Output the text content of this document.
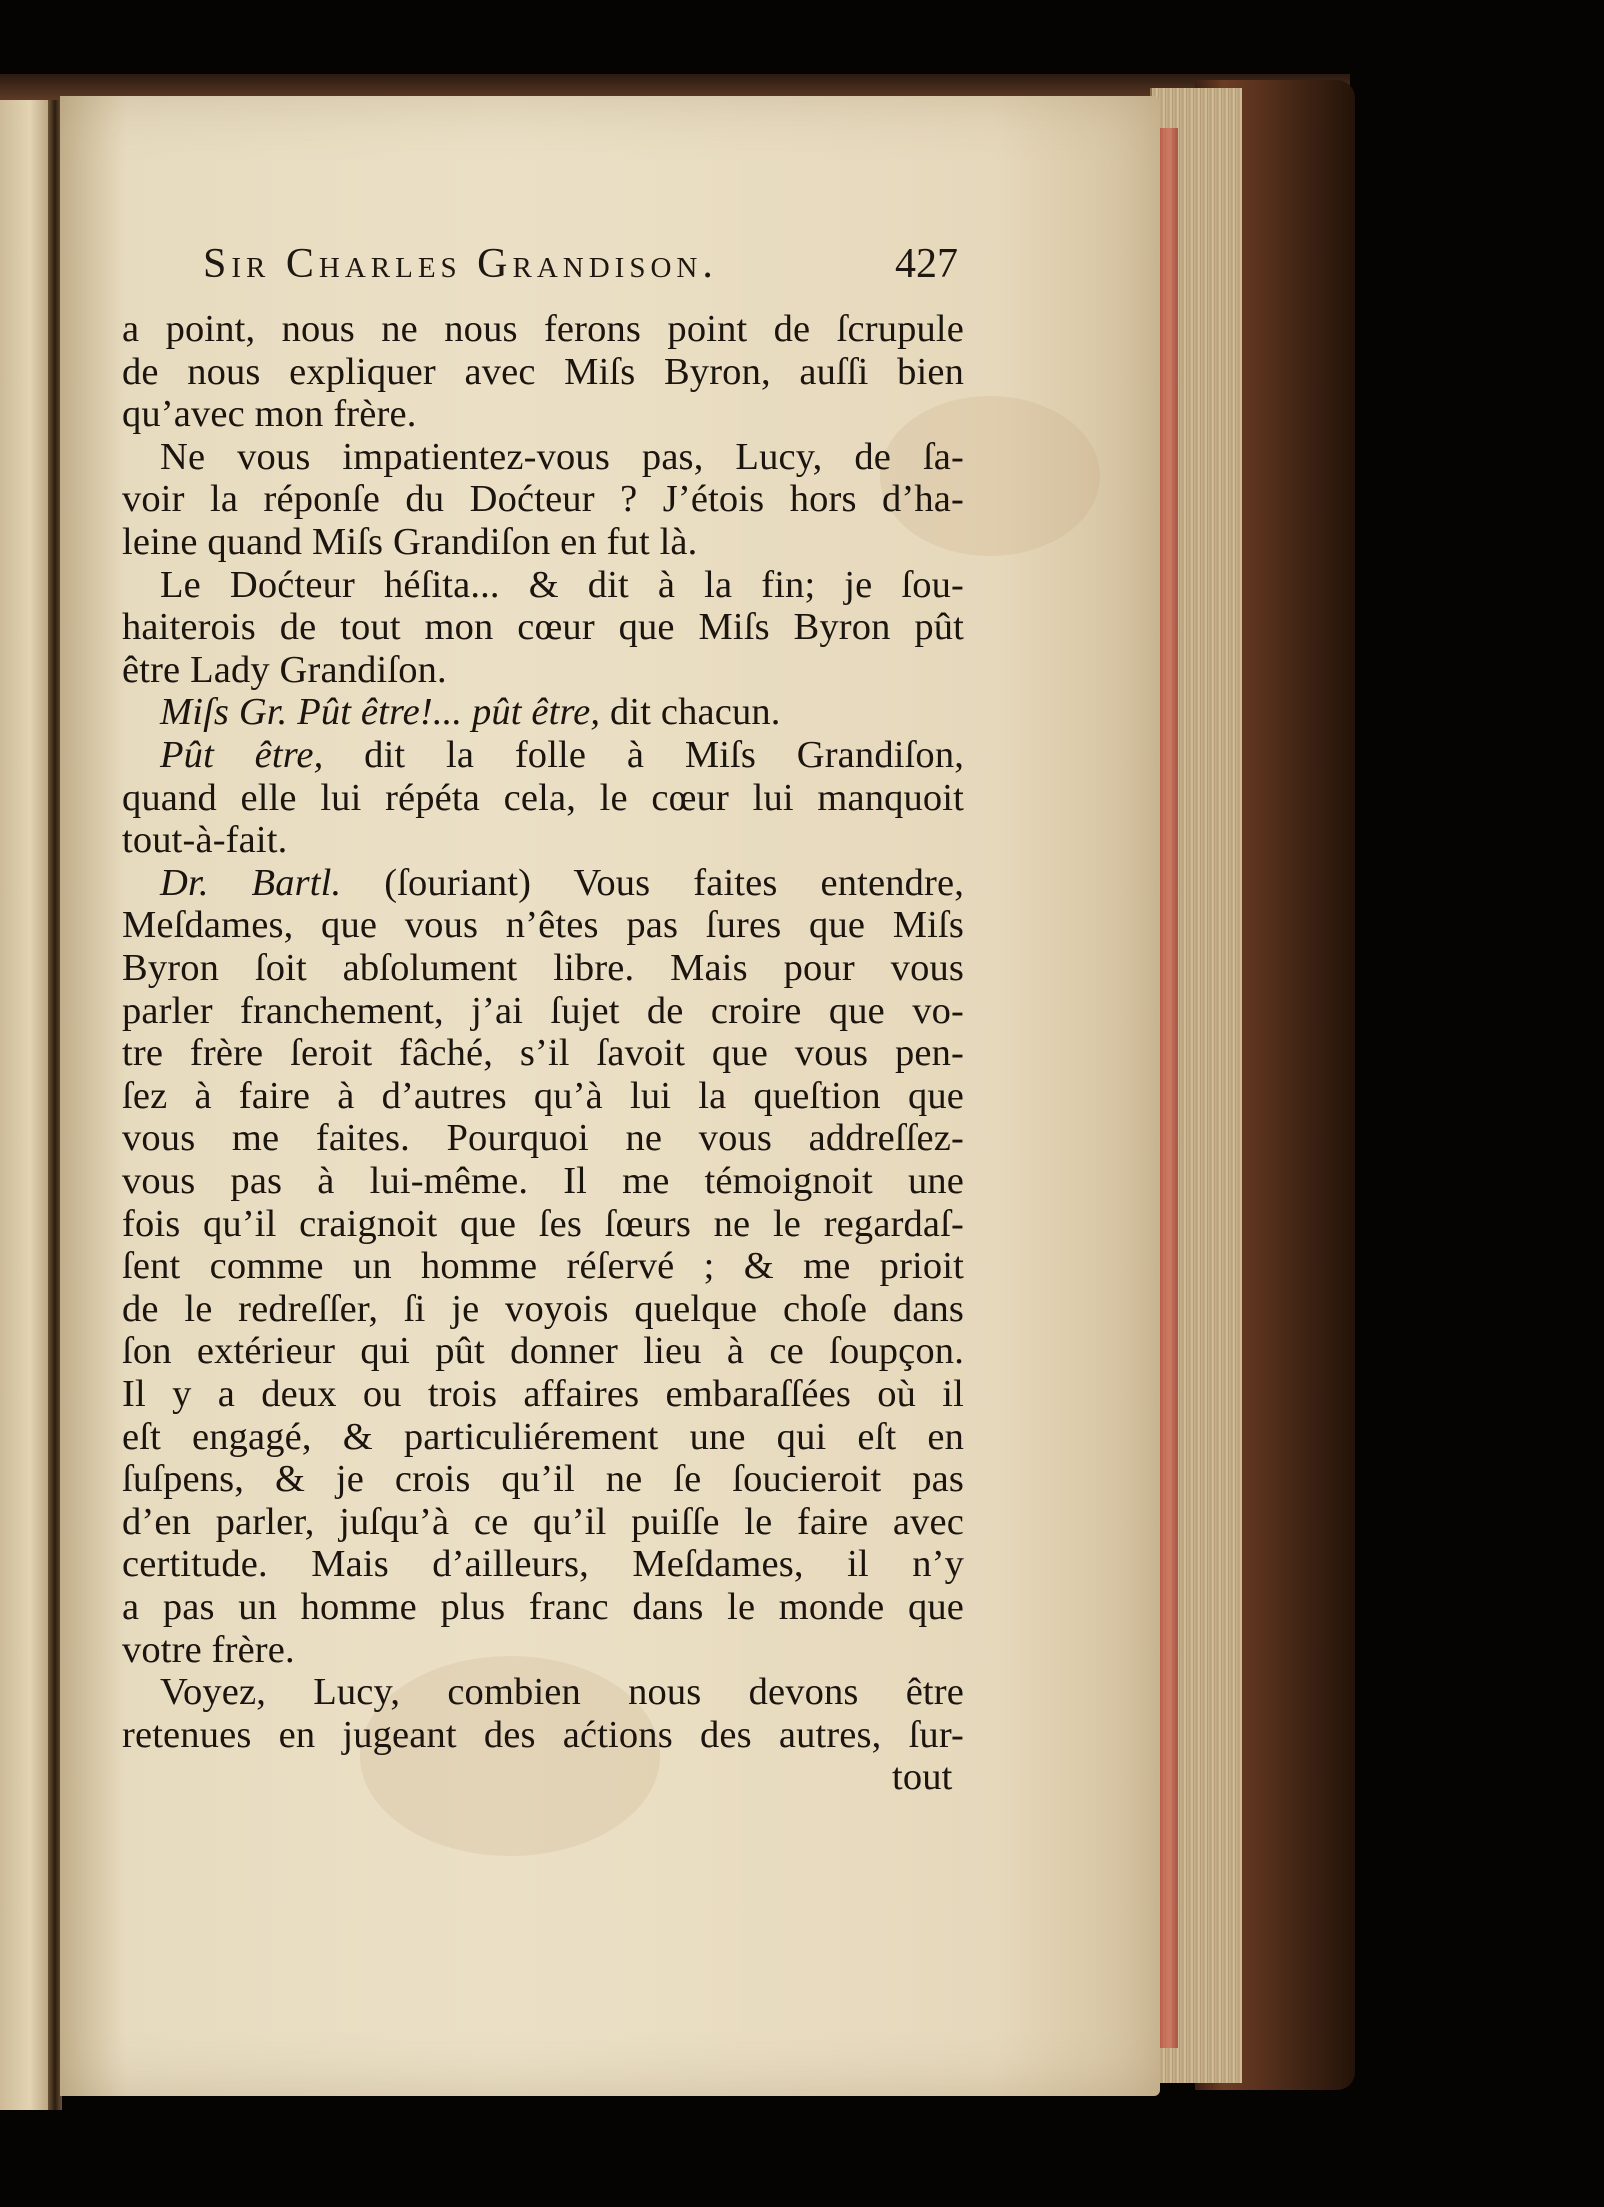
Sir Charles Grandison.	427
a point, nous ne nous ferons point de ſcrupule
de nous expliquer avec Miſs Byron, auſſi bien
qu’avec mon frère.
Ne vous impatientez-vous pas, Lucy, de ſa-
voir la réponſe du Doćteur ? J’étois hors d’ha-
leine quand Miſs Grandiſon en fut là.
Le Doćteur héſita... & dit à la fin; je ſou-
haiterois de tout mon cœur que Miſs Byron pût
être Lady Grandiſon.
Miſs Gr. Pût être!... pût être, dit chacun.
Pût être, dit la folle à Miſs Grandiſon,
quand elle lui répéta cela, le cœur lui manquoit
tout-à-fait.
Dr. Bartl. (ſouriant) Vous faites entendre,
Meſdames, que vous n’êtes pas ſures que Miſs
Byron ſoit abſolument libre. Mais pour vous
parler franchement, j’ai ſujet de croire que vo-
tre frère ſeroit fâché, s’il ſavoit que vous pen-
ſez à faire à d’autres qu’à lui la queſtion que
vous me faites. Pourquoi ne vous addreſſez-
vous pas à lui-même. Il me témoignoit une
fois qu’il craignoit que ſes ſœurs ne le regardaſ-
ſent comme un homme réſervé ; & me prioit
de le redreſſer, ſi je voyois quelque choſe dans
ſon extérieur qui pût donner lieu à ce ſoupçon.
Il y a deux ou trois affaires embaraſſées où il
eſt engagé, & particuliérement une qui eſt en
ſuſpens, & je crois qu’il ne ſe ſoucieroit pas
d’en parler, juſqu’à ce qu’il puiſſe le faire avec
certitude. Mais d’ailleurs, Meſdames, il n’y
a pas un homme plus franc dans le monde que
votre frère.
Voyez, Lucy, combien nous devons être
retenues en jugeant des aćtions des autres, ſur-
tout
